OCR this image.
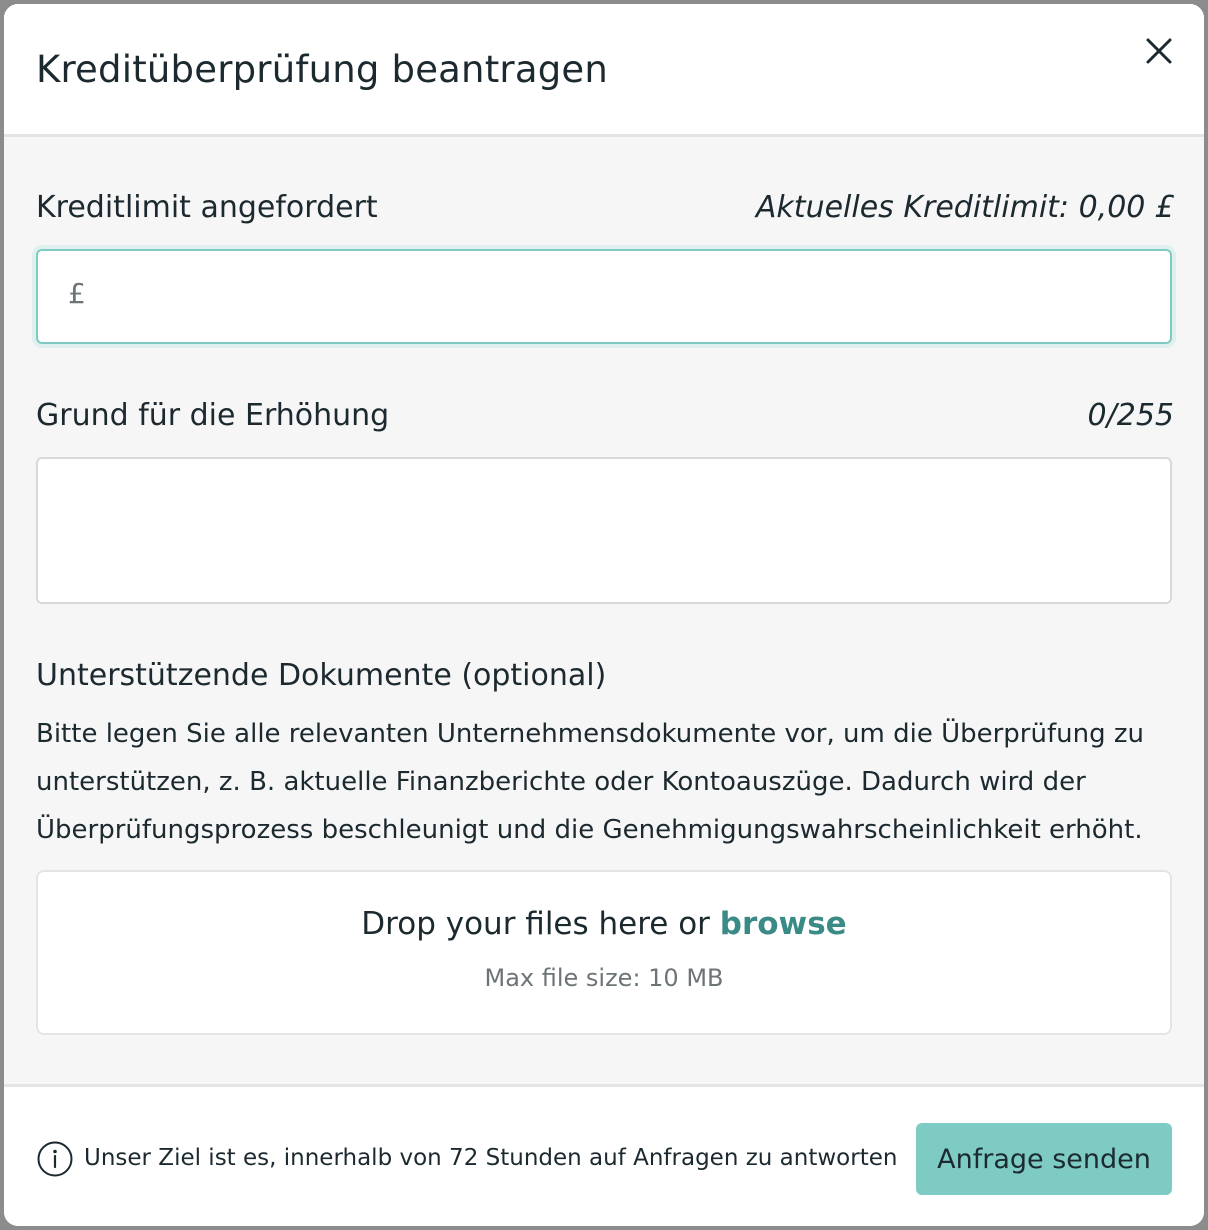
Kreditüberprüfung beantragen
Kreditlimit angefordert	Aktuelles Kreditlimit: 0,00 £
£
Grund für die Erhöhung	0/255
Unterstützende Dokumente (optional)
Bitte legen Sie alle relevanten Unternehmensdokumente vor, um die Überprüfung zu unterstützen, z. B. aktuelle Finanzberichte oder Kontoauszüge. Dadurch wird der Überprüfungsprozess beschleunigt und die Genehmigungswahrscheinlichkeit erhöht.
Drop your files here or browse
Max file size: 10 MB
Unser Ziel ist es, innerhalb von 72 Stunden auf Anfragen zu antworten	Anfrage senden
